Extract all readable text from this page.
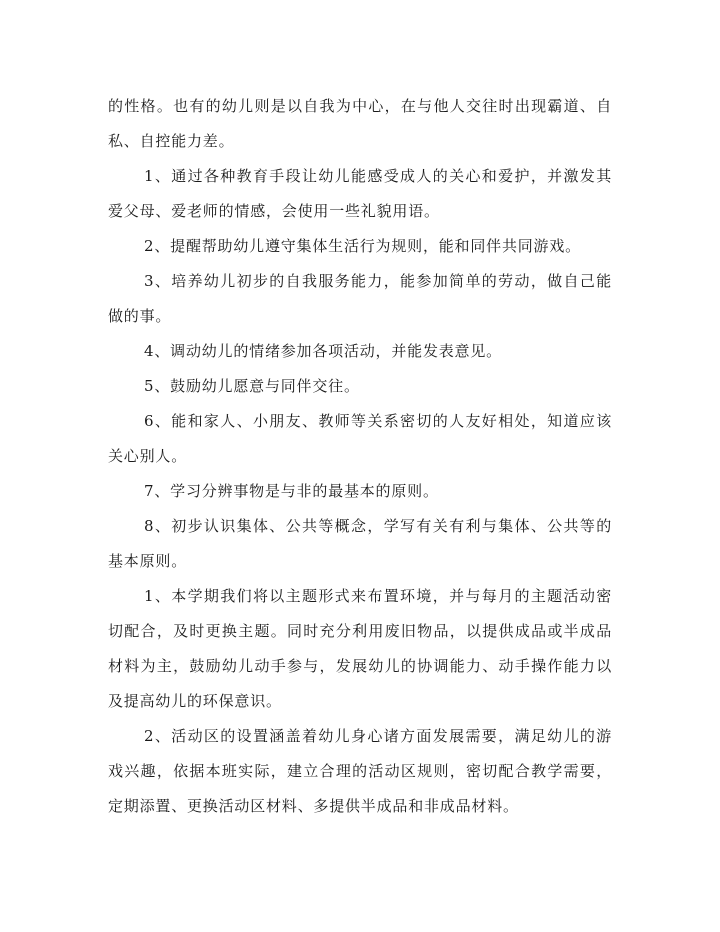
的性格。也有的幼儿则是以自我为中心，在与他人交往时出现霸道、自私、自控能力差。

1、通过各种教育手段让幼儿能感受成人的关心和爱护，并激发其爱父母、爱老师的情感，会使用一些礼貌用语。

2、提醒帮助幼儿遵守集体生活行为规则，能和同伴共同游戏。

3、培养幼儿初步的自我服务能力，能参加简单的劳动，做自己能做的事。

4、调动幼儿的情绪参加各项活动，并能发表意见。

5、鼓励幼儿愿意与同伴交往。

6、能和家人、小朋友、教师等关系密切的人友好相处，知道应该关心别人。

7、学习分辨事物是与非的最基本的原则。

8、初步认识集体、公共等概念，学写有关有利与集体、公共等的基本原则。

1、本学期我们将以主题形式来布置环境，并与每月的主题活动密切配合，及时更换主题。同时充分利用废旧物品，以提供成品或半成品材料为主，鼓励幼儿动手参与，发展幼儿的协调能力、动手操作能力以及提高幼儿的环保意识。

2、活动区的设置涵盖着幼儿身心诸方面发展需要，满足幼儿的游戏兴趣，依据本班实际，建立合理的活动区规则，密切配合教学需要，定期添置、更换活动区材料、多提供半成品和非成品材料。
